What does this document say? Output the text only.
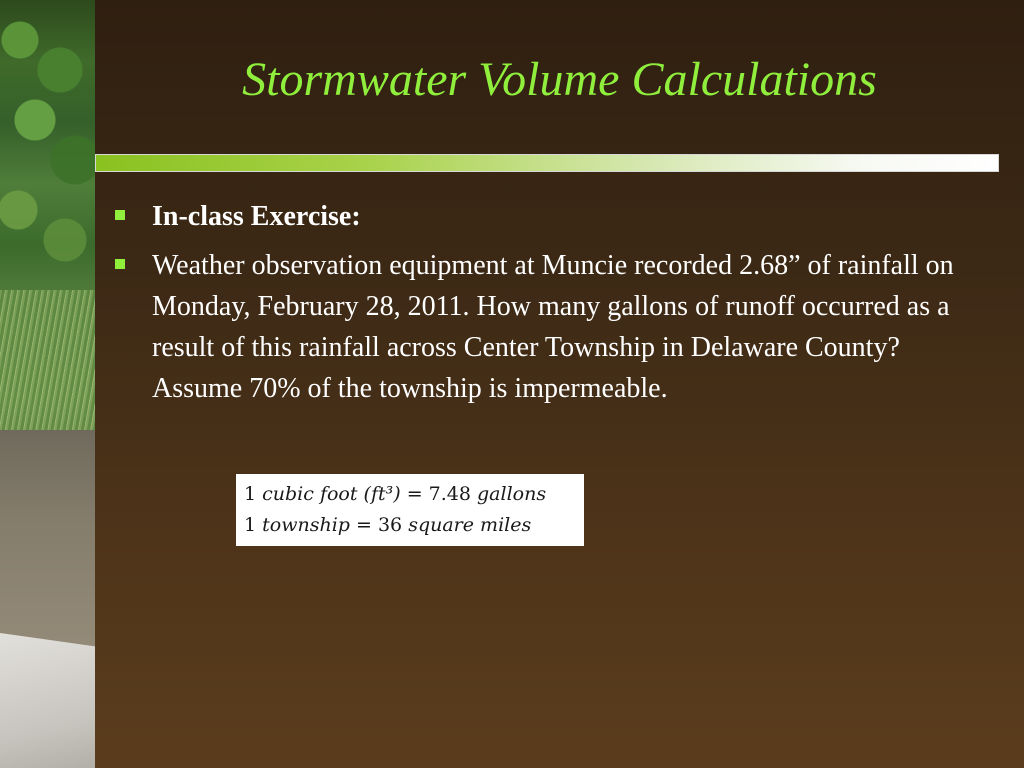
Stormwater Volume Calculations
In-class Exercise:
Weather observation equipment at Muncie recorded 2.68” of rainfall on Monday, February 28, 2011. How many gallons of runoff occurred as a result of this rainfall across Center Township in Delaware County? Assume 70% of the township is impermeable.
1 cubic foot (ft³) = 7.48 gallons
1 township = 36 square miles
